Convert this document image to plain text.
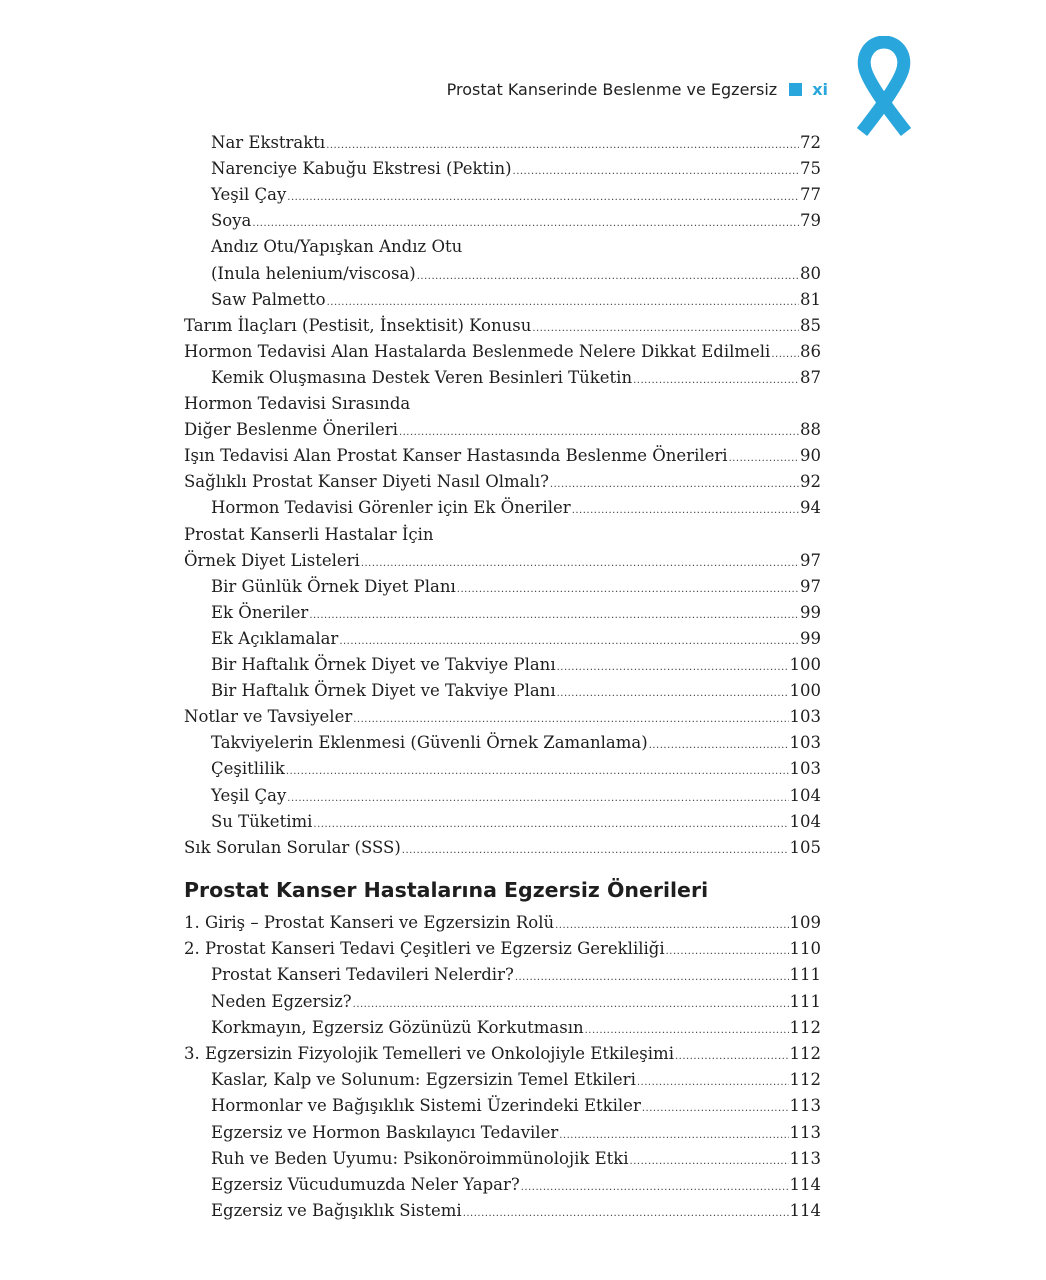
Prostat Kanserinde Beslenme ve Egzersiz xi
Nar Ekstraktı .....	72
Narenciye Kabuğu Ekstresi (Pektin) .....	75
Yeşil Çay .....	77
Soya .....	79
Andız Otu/Yapışkan Andız Otu
(Inula helenium/viscosa) .....	80
Saw Palmetto .....	81
Tarım İlaçları (Pestisit, İnsektisit) Konusu .....	85
Hormon Tedavisi Alan Hastalarda Beslenmede Nelere Dikkat Edilmeli ..... 86
Kemik Oluşmasına Destek Veren Besinleri Tüketin .....	87
Hormon Tedavisi Sırasında
Diğer Beslenme Önerileri .....	88
Işın Tedavisi Alan Prostat Kanser Hastasında Beslenme Önerileri .....	90
Sağlıklı Prostat Kanser Diyeti Nasıl Olmalı? .....	92
Hormon Tedavisi Görenler için Ek Öneriler .....	94
Prostat Kanserli Hastalar İçin
Örnek Diyet Listeleri .....	97
Bir Günlük Örnek Diyet Planı .....	97
Ek Öneriler .....	99
Ek Açıklamalar .....	99
Bir Haftalık Örnek Diyet ve Takviye Planı .....	100
Bir Haftalık Örnek Diyet ve Takviye Planı .....	100
Notlar ve Tavsiyeler .....	103
Takviyelerin Eklenmesi (Güvenli Örnek Zamanlama) .....	103
Çeşitlilik .....	103
Yeşil Çay .....	104
Su Tüketimi .....	104
Sık Sorulan Sorular (SSS) .....	105
Prostat Kanser Hastalarına Egzersiz Önerileri
1. Giriş – Prostat Kanseri ve Egzersizin Rolü .....	109
2. Prostat Kanseri Tedavi Çeşitleri ve Egzersiz Gerekliliği .....	110
Prostat Kanseri Tedavileri Nelerdir? .....	111
Neden Egzersiz? .....	111
Korkmayın, Egzersiz Gözünüzü Korkutmasın .....	112
3. Egzersizin Fizyolojik Temelleri ve Onkolojiyle Etkileşimi .....	112
Kaslar, Kalp ve Solunum: Egzersizin Temel Etkileri .....	112
Hormonlar ve Bağışıklık Sistemi Üzerindeki Etkiler .....	113
Egzersiz ve Hormon Baskılayıcı Tedaviler .....	113
Ruh ve Beden Uyumu: Psikonöroimmünolojik Etki .....	113
Egzersiz Vücudumuzda Neler Yapar? .....	114
Egzersiz ve Bağışıklık Sistemi .....	114
